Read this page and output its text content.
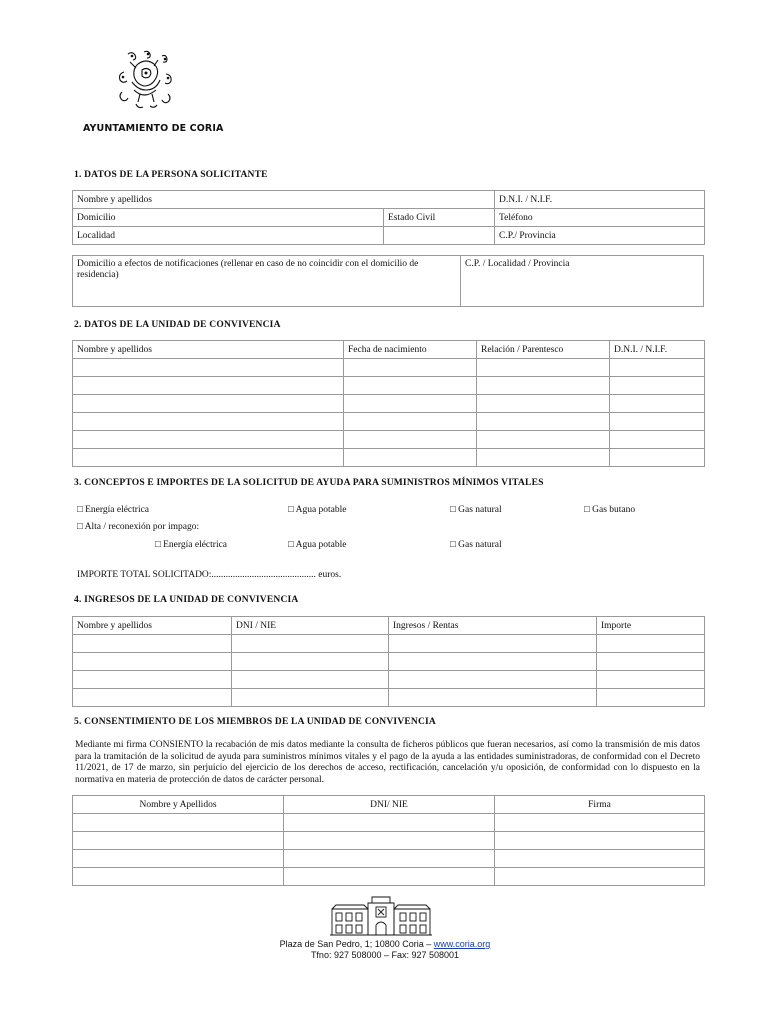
AYUNTAMIENTO DE CORIA
1. DATOS DE LA PERSONA SOLICITANTE
Nombre y apellidos		D.N.I. / N.I.F.
Domicilio	Estado Civil	Teléfono
Localidad		C.P./ Provincia
Domicilio a efectos de notificaciones (rellenar en caso de no coincidir con el domicilio de residencia)
C.P. / Localidad / Provincia
2. DATOS DE LA UNIDAD DE CONVIVENCIA
Nombre y apellidos	Fecha de nacimiento	Relación / Parentesco	D.N.I. / N.I.F.

3. CONCEPTOS E IMPORTES DE LA SOLICITUD DE AYUDA PARA SUMINISTROS MÍNIMOS VITALES
□ Energía eléctrica	□ Agua potable	□ Gas natural	□ Gas butano
□ Alta / reconexión por impago:
□ Energía eléctrica	□ Agua potable	□ Gas natural
IMPORTE TOTAL SOLICITADO:............................................ euros.
4. INGRESOS DE LA UNIDAD DE CONVIVENCIA
Nombre y apellidos	DNI / NIE	Ingresos / Rentas	Importe

5. CONSENTIMIENTO DE LOS MIEMBROS DE LA UNIDAD DE CONVIVENCIA
Mediante mi firma CONSIENTO la recabación de mis datos mediante la consulta de ficheros públicos que fueran necesarios, así como la transmisión de mis datos para la tramitación de la solicitud de ayuda para suministros mínimos vitales y el pago de la ayuda a las entidades suministradoras, de conformidad con el Decreto 11/2021, de 17 de marzo, sin perjuicio del ejercicio de los derechos de acceso, rectificación, cancelación y/u oposición, de conformidad con lo dispuesto en la normativa en materia de protección de datos de carácter personal.
Nombre y Apellidos	DNI/ NIE	Firma

Plaza de San Pedro, 1; 10800 Coria – www.coria.org
Tfno: 927 508000 – Fax: 927 508001
